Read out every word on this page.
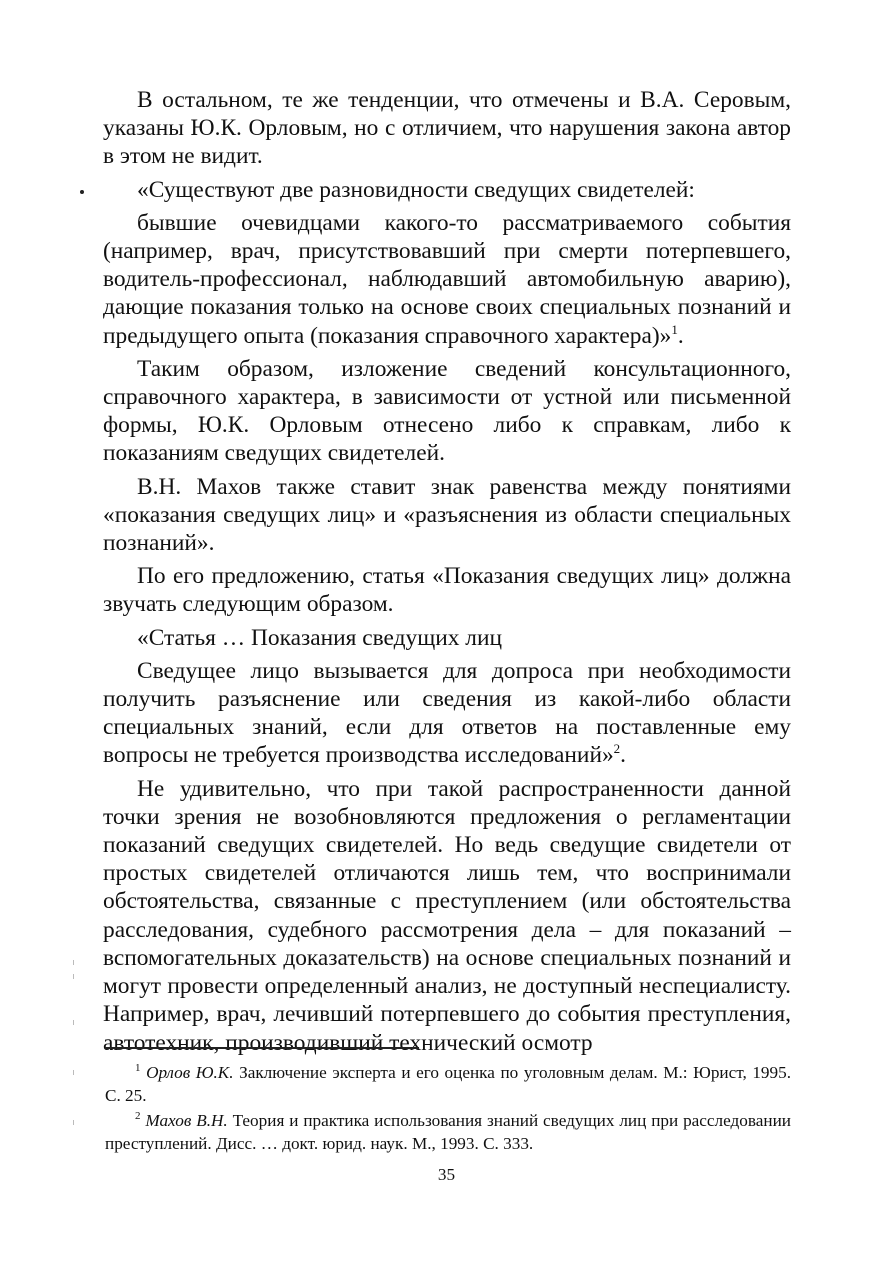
В остальном, те же тенденции, что отмечены и В.А. Серовым, указаны Ю.К. Орловым, но с отличием, что нарушения закона автор в этом не видит.

«Существуют две разновидности сведущих свидетелей:

бывшие очевидцами какого-то рассматриваемого события (например, врач, присутствовавший при смерти потерпевшего, водитель-профессионал, наблюдавший автомобильную аварию), дающие показания только на основе своих специальных познаний и предыдущего опыта (показания справочного характера)»$^1$.

Таким образом, изложение сведений консультационного, справочного характера, в зависимости от устной или письменной формы, Ю.К. Орловым отнесено либо к справкам, либо к показаниям сведущих свидетелей.

В.Н. Махов также ставит знак равенства между понятиями «показания сведущих лиц» и «разъяснения из области специальных познаний».

По его предложению, статья «Показания сведущих лиц» должна звучать следующим образом.

«Статья … Показания сведущих лиц

Сведущее лицо вызывается для допроса при необходимости получить разъяснение или сведения из какой-либо области специальных знаний, если для ответов на поставленные ему вопросы не требуется производства исследований»$^2$.

Не удивительно, что при такой распространенности данной точки зрения не возобновляются предложения о регламентации показаний сведущих свидетелей. Но ведь сведущие свидетели от простых свидетелей отличаются лишь тем, что воспринимали обстоятельства, связанные с преступлением (или обстоятельства расследования, судебного рассмотрения дела – для показаний – вспомогательных доказательств) на основе специальных познаний и могут провести определенный анализ, не доступный неспециалисту. Например, врач, лечивший потерпевшего до события преступления, автотехник, производивший технический осмотр

$^1$ Орлов Ю.К. Заключение эксперта и его оценка по уголовным делам. М.: Юрист, 1995. С. 25.

$^2$ Махов В.Н. Теория и практика использования знаний сведущих лиц при расследовании преступлений. Дисс. … докт. юрид. наук. М., 1993. С. 333.

35
